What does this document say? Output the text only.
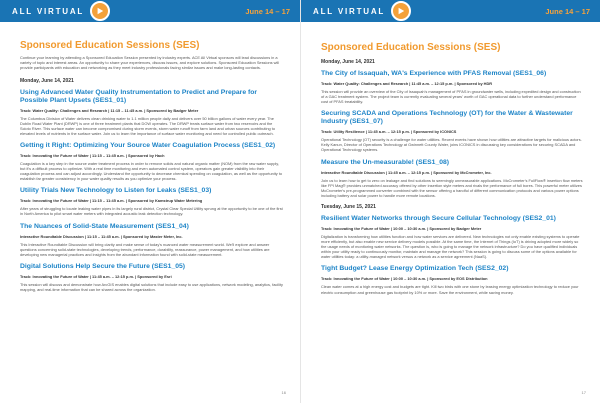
ALL VIRTUAL	June 14 – 17
Sponsored Education Sessions (SES)
Continue your learning by attending a Sponsored Education Session presented by industry experts. ACE All Virtual sponsors will lead discussions in a variety of topic and interest areas. An opportunity to share your experiences, discuss issues, and explore solutions. Sponsored Education Sessions will provide participants with education and networking as they meet industry professionals facing similar issues and make long-lasting contacts.
Monday, June 14, 2021
Using Advanced Water Quality Instrumentation to Predict and Prepare for Possible Plant Upsets (SES1_01)
Track: Water Quality: Challenges and Research | 11:15 – 11:45 a.m. | Sponsored by Badger Meter
The Columbus Division of Water delivers clean drinking water to 1.1 million people daily and delivers over 50 billion gallons of water every year. The Dublin Road Water Plant (DRWP) is one of three treatment plants that DOW operates. The DRWP treats surface water from two reservoirs and the Scioto River. This surface water can become compromised during storm events, storm water runoff from farm land and urban sources contributing to elevated levels of nutrients in the surface water. Join us to learn the importance of surface water monitoring and need for controlled public outreach.
Getting it Right: Optimizing Your Source Water Coagulation Process (SES1_02)
Track: Innovating the Future of Water | 11:15 – 11:45 a.m. | Sponsored by Hach
Coagulation is a key step in the source water treatment process in order to remove solids and natural organic matter (NOM) from the raw water supply, but it's a difficult process to optimize. With a real time monitoring and even automated control system, operators gain greater visibility into their coagulation process and can adjust accordingly. Understand the opportunity to decrease chemical spending on coagulation, as well as the opportunity to establish far greater consistency in your water quality results as you optimize your process.
Utility Trials New Technology to Listen for Leaks (SES1_03)
Track: Innovating the Future of Water | 11:15 – 11:45 a.m. | Sponsored by Kamstrup Water Metering
After years of struggling to locate leaking water pipes in its largely rural district, Crystal Clear Special Utility sprung at the opportunity to be one of the first in North America to pilot smart water meters with integrated acoustic leak detection technology.
The Nuances of Solid-State Measurement (SES1_04)
Interactive Roundtable Discussion | 11:15 – 11:45 a.m. | Sponsored by Master Meter, Inc.
This Interactive Roundtable Discussion will bring clarity and make sense of today's nuanced water measurement world. We'll explore and answer questions concerning solid-state technologies, developing trends, performance, durability, reassurance, power management, and how utilities are developing new managerial practices and insights from the abundant information found with solid-state measurement.
Digital Solutions Help Secure the Future (SES1_05)
Track: Innovating the Future of Water | 11:45 a.m. – 12:15 p.m. | Sponsored by Esri
This session will discuss and demonstrate how ArcGIS enables digital solutions that include easy to use applications, network modeling, analytics, facility mapping, and real-time information that can be shared across the organization.
16
ALL VIRTUAL	June 14 – 17
Sponsored Education Sessions (SES)
Monday, June 14, 2021
The City of Issaquah, WA's Experience with PFAS Removal (SES1_06)
Track: Water Quality: Challenges and Research | 11:45 a.m. – 12:15 p.m. | Sponsored by HDR
This session will provide an overview of the City of Issaquah's management of PFAS in groundwater wells, including expedited design and construction of a GAC treatment system. The project team is currently evaluating several years' worth of GAC operational data to further understand performance cost of PFAS treatability.
Securing SCADA and Operations Technology (OT) for the Water & Wastewater Industry (SES1_07)
Track: Utility Resilience | 11:45 a.m. – 12:15 p.m. | Sponsored by ICONICS
Operational Technology (OT) security is a challenge for water utilities. Recent events have shown how utilities are attractive targets for malicious actors. Kelly Kanun, Director of Operations Technology at Gwinnett County Water, joins ICONICS in discussing key considerations for securing SCADA and Operational Technology systems.
Measure the Un-measurable! (SES1_08)
Interactive Roundtable Discussion | 11:45 a.m. – 12:15 p.m. | Sponsored by McCrometer, Inc.
Join us to learn how to get to zero on leakage and find solutions to seemingly unmeasurable applications. McCrometer's FullFlow® insertion flow meters like FPI Mag® provides unmatched accuracy offered by other insertion style meters and rivals the performance of full bores. This powerful meter utilizes McCrometer's pre-programmed converter combined with the sensor offering a handful of different communication protocols and various power options including battery and solar power to handle more remote locations.
Tuesday, June 15, 2021
Resilient Water Networks through Secure Cellular Technology (SES2_01)
Track: Innovating the Future of Water | 10:00 – 10:30 a.m. | Sponsored by Badger Meter
Digitalization is transforming how utilities function and how water services are delivered. New technologies not only enable existing systems to operate more efficiently, but also enable new service delivery models possible. At the same time, the Internet of Things (IoT) is driving adopted more widely so the usage needs of monitoring water networks. The question is, who is going to manage the network infrastructure? Do you have qualified individuals within your utility ready to continuously monitor, maintain and manage the network? This session is going to discuss some of the options available for water utilities today: a utility-managed network versus a network as a service agreement (NaaS).
Tight Budget? Lease Energy Optimization Tech (SES2_02)
Track: Innovating the Future of Water | 10:00 – 10:30 a.m. | Sponsored by EOS Distribution
Clean water comes at a high energy cost and budgets are tight. Kill two birds with one stone by leasing energy optimization technology to reduce your electric consumption and greenhouse gas footprint by 10% or more. Save the environment, while saving money.
17
